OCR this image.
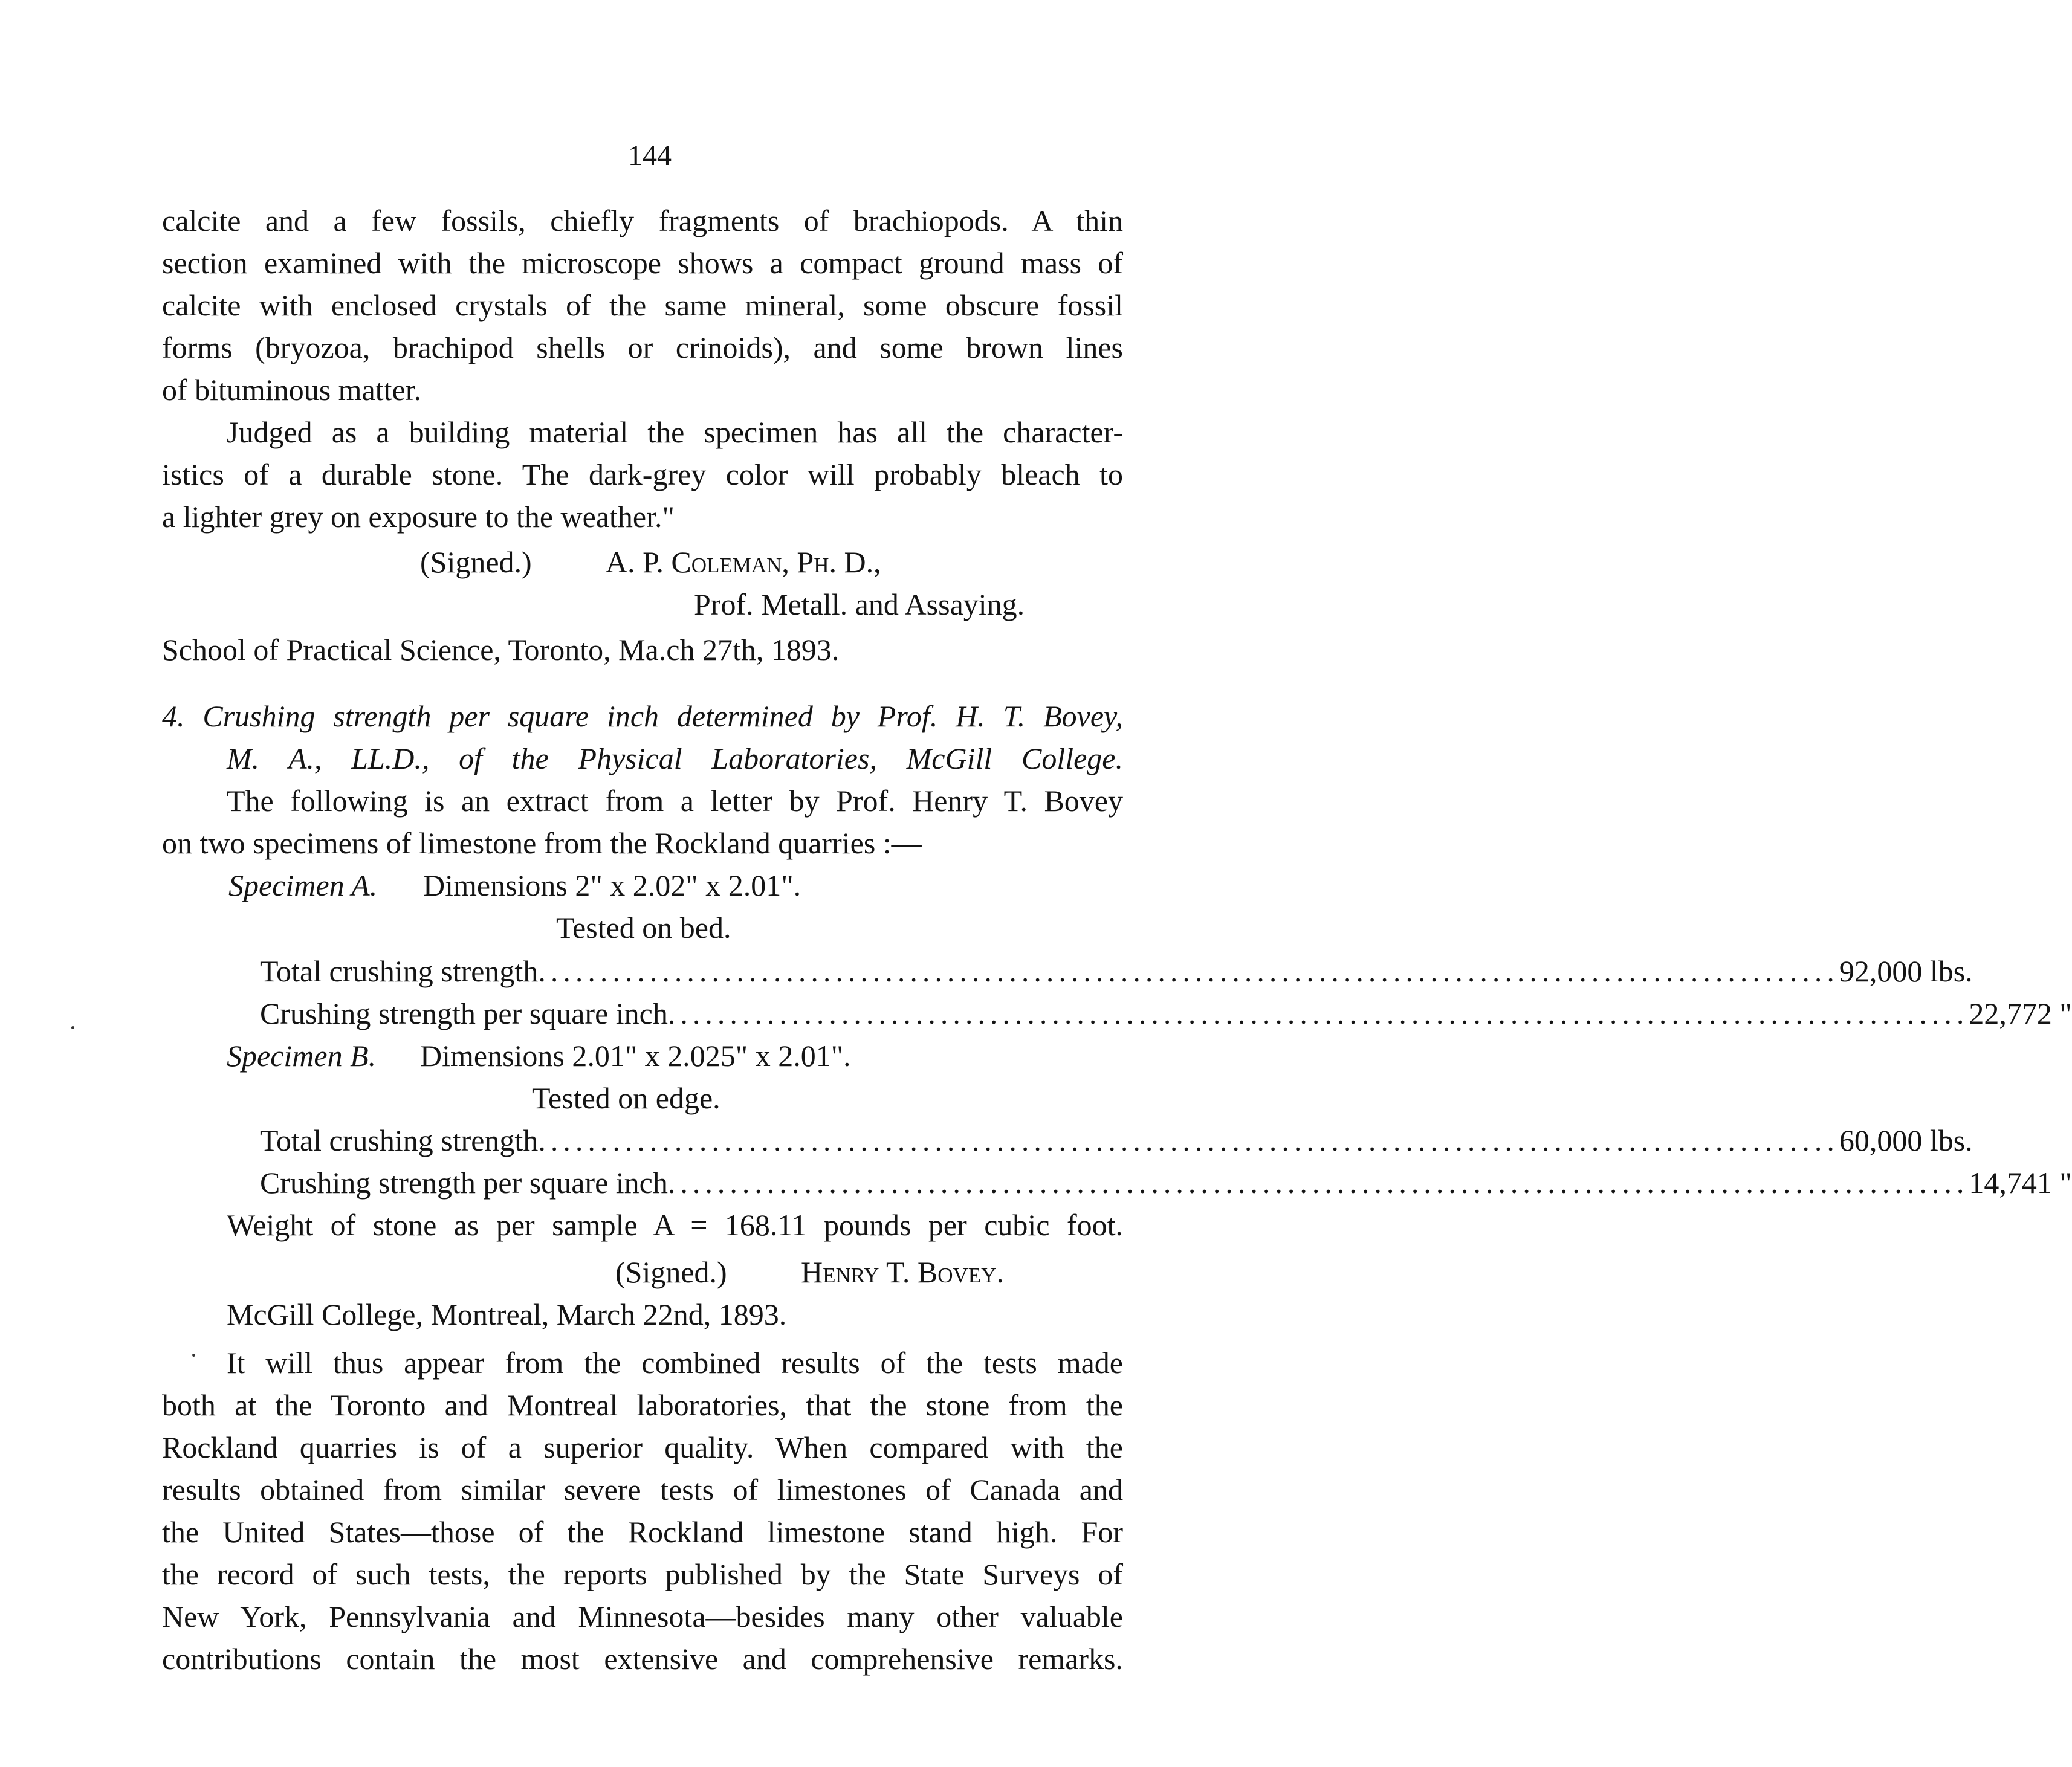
144
calcite and a few fossils, chiefly fragments of brachiopods. A thin
section examined with the microscope shows a compact ground mass of
calcite with enclosed crystals of the same mineral, some obscure fossil
forms (bryozoa, brachipod shells or crinoids), and some brown lines
of bituminous matter.
Judged as a building material the specimen has all the character-
istics of a durable stone. The dark-grey color will probably bleach to
a lighter grey on exposure to the weather."
(Signed.) A. P. Coleman, Ph. D.,
Prof. Metall. and Assaying.
School of Practical Science, Toronto, Ma.ch 27th, 1893.
4. Crushing strength per square inch determined by Prof. H. T. Bovey,
M. A., LL.D., of the Physical Laboratories, McGill College.
The following is an extract from a letter by Prof. Henry T. Bovey
on two specimens of limestone from the Rockland quarries :—
Specimen A. Dimensions 2" x 2.02" x 2.01".
Tested on bed.
Total crushing strength ......................................................................................................... 92,000 lbs.
Crushing strength per square inch ......................................................................................................... 22,772 "
Specimen B. Dimensions 2.01" x 2.025" x 2.01".
Tested on edge.
Total crushing strength ......................................................................................................... 60,000 lbs.
Crushing strength per square inch ......................................................................................................... 14,741 "
Weight of stone as per sample A = 168.11 pounds per cubic foot.
(Signed.) Henry T. Bovey.
McGill College, Montreal, March 22nd, 1893.
It will thus appear from the combined results of the tests made
both at the Toronto and Montreal laboratories, that the stone from the
Rockland quarries is of a superior quality. When compared with the
results obtained from similar severe tests of limestones of Canada and
the United States—those of the Rockland limestone stand high. For
the record of such tests, the reports published by the State Surveys of
New York, Pennsylvania and Minnesota—besides many other valuable
contributions contain the most extensive and comprehensive remarks.
